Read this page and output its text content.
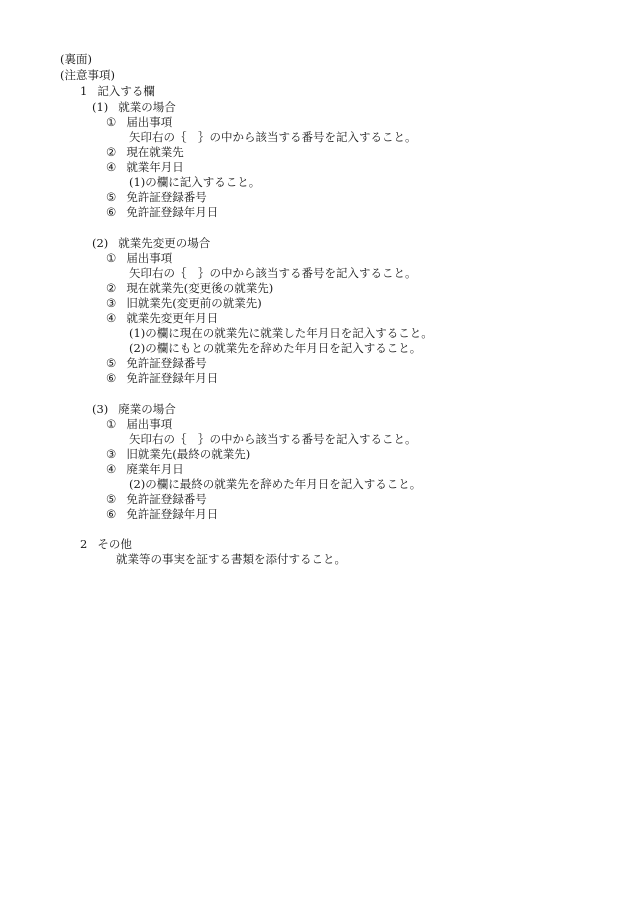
(裏面)
(注意事項)
1 記入する欄
(1) 就業の場合
① 届出事項
矢印右の｛　｝の中から該当する番号を記入すること。
② 現在就業先
④ 就業年月日
(1)の欄に記入すること。
⑤ 免許証登録番号
⑥ 免許証登録年月日
(2) 就業先変更の場合
① 届出事項
矢印右の｛　｝の中から該当する番号を記入すること。
② 現在就業先(変更後の就業先)
③ 旧就業先(変更前の就業先)
④ 就業先変更年月日
(1)の欄に現在の就業先に就業した年月日を記入すること。
(2)の欄にもとの就業先を辞めた年月日を記入すること。
⑤ 免許証登録番号
⑥ 免許証登録年月日
(3) 廃業の場合
① 届出事項
矢印右の｛　｝の中から該当する番号を記入すること。
③ 旧就業先(最終の就業先)
④ 廃業年月日
(2)の欄に最終の就業先を辞めた年月日を記入すること。
⑤ 免許証登録番号
⑥ 免許証登録年月日
2 その他
就業等の事実を証する書類を添付すること。
